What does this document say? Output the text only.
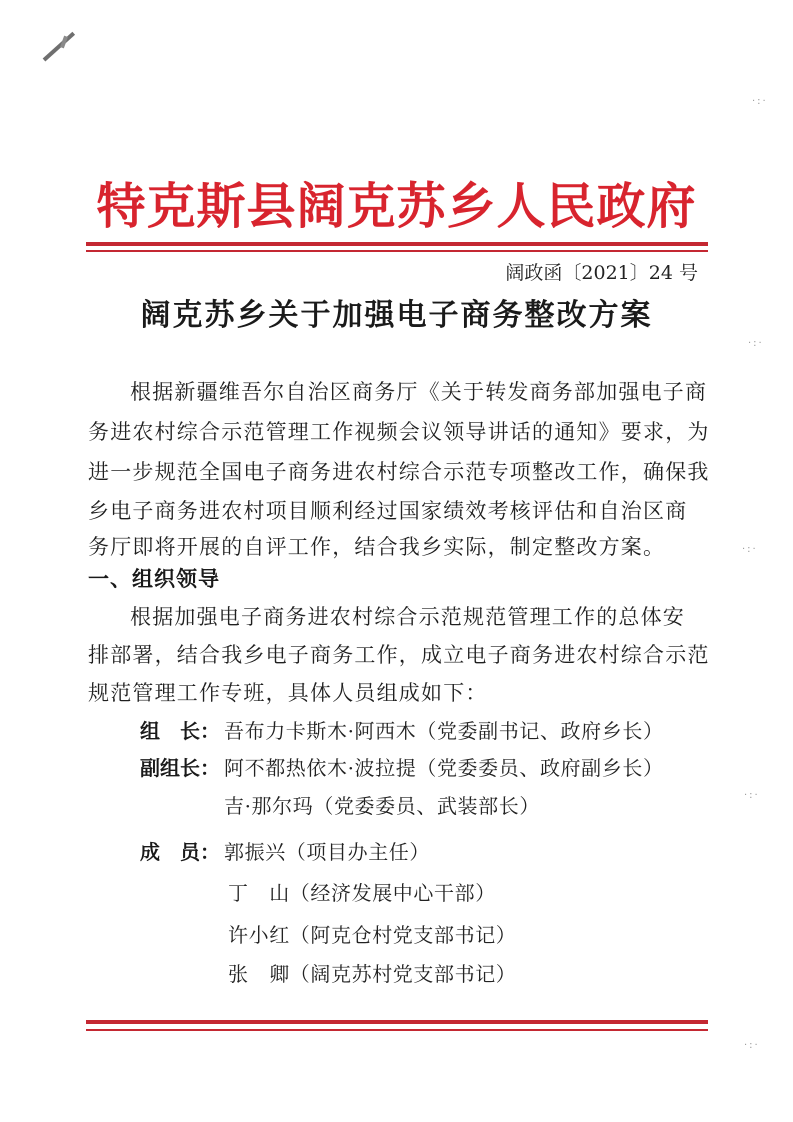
·:·
·:·
·:·
·:·
·:·
特克斯县阔克苏乡人民政府
阔政函〔2021〕24 号
阔克苏乡关于加强电子商务整改方案
根据新疆维吾尔自治区商务厅《关于转发商务部加强电子商
务进农村综合示范管理工作视频会议领导讲话的通知》要求，为
进一步规范全国电子商务进农村综合示范专项整改工作，确保我
乡电子商务进农村项目顺利经过国家绩效考核评估和自治区商
务厅即将开展的自评工作，结合我乡实际，制定整改方案。
一、组织领导
根据加强电子商务进农村综合示范规范管理工作的总体安
排部署，结合我乡电子商务工作，成立电子商务进农村综合示范
规范管理工作专班，具体人员组成如下：
组　长： 吾布力卡斯木·阿西木（党委副书记、政府乡长）
副组长： 阿不都热依木·波拉提（党委委员、政府副乡长）
吉·那尔玛（党委委员、武装部长）
成　员： 郭振兴（项目办主任）
丁　山（经济发展中心干部）
许小红（阿克仓村党支部书记）
张　卿（阔克苏村党支部书记）
